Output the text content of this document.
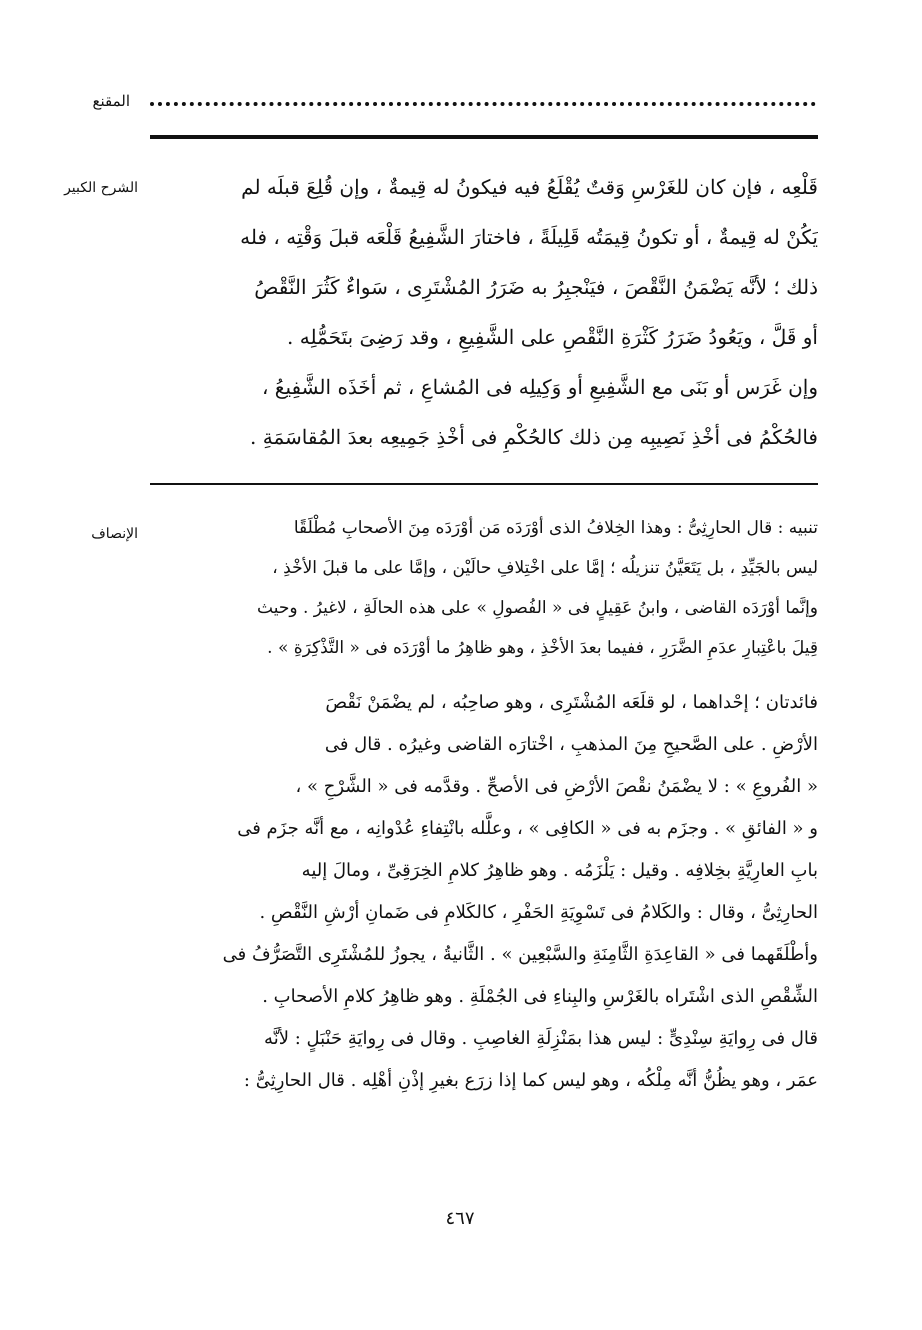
المقنع
الشرح الكبير	قَلْعِه ، فإن كان للغَرْسِ وَقتٌ يُقْلَعُ فيه فيكونُ له قِيمةٌ ، وإن قُلِعَ قبلَه لم
يَكُنْ له قِيمةٌ ، أو تكونُ قِيمَتُه قَلِيلَةً ، فاختارَ الشَّفِيعُ قَلْعَه قبلَ وَقْتِه ، فله
ذلك ؛ لأنَّه يَضْمَنُ النَّقْصَ ، فيَنْجبِرُ به ضَرَرُ المُشْتَرِى ، سَواءٌ كَثُرَ النَّقْصُ
أو قَلَّ ، ويَعُودُ ضَرَرُ كَثْرَةِ النَّقْصِ على الشَّفِيعِ ، وقد رَضِىَ بتَحَمُّلِه .
وإن غَرَس أو بَنَى مع الشَّفِيعِ أو وَكِيلِه فى المُشاعِ ، ثم أخَذَه الشَّفِيعُ ،
فالحُكْمُ فى أخْذِ نَصِيبِه مِن ذلك كالحُكْمِ فى أخْذِ جَمِيعِه بعدَ المُقاسَمَةِ .
الإنصاف	تنبيه : قال الحارِثِىُّ : وهذا الخِلافُ الذى أوْرَدَه مَن أوْرَدَه مِنَ الأصحابِ مُطْلَقًا
ليس بالجَيِّدِ ، بل يَتَعَيَّنُ تنزيلُه ؛ إمَّا على اخْتِلافِ حالَيْن ، وإمَّا على ما قبلَ الأخْذِ ،
وإنَّما أوْرَدَه القاضى ، وابنُ عَقِيلٍ فى « الفُصولِ » على هذه الحالَةِ ، لاغيرُ . وحيث
قِيلَ باعْتِبارِ عدَمِ الضَّرَرِ ، ففيما بعدَ الأخْذِ ، وهو ظاهِرُ ما أوْرَدَه فى « التَّذْكِرَةِ » .
فائدتان ؛ إحْداهما ، لو قلَعَه المُشْتَرِى ، وهو صاحِبُه ، لم يضْمَنْ نَقْصَ
الأرْضِ . على الصَّحيحِ مِنَ المذهبِ ، اخْتارَه القاضى وغيرُه . قال فى
« الفُروعِ » : لا يضْمَنُ نقْصَ الأرْضِ فى الأصحِّ . وقدَّمه فى « الشَّرْحِ » ،
و « الفائقِ » . وجزَم به فى « الكافِى » ، وعلَّله بانْتِفاءِ عُدْوانِه ، مع أنَّه جزَم فى
بابِ العارِيَّةِ بخِلافِه . وقيل : يَلْزَمُه . وهو ظاهِرُ كلامِ الخِرَقِىِّ ، ومالَ إليه
الحارِثِىُّ ، وقال : والكَلامُ فى تَسْوِيَةِ الحَفْرِ ، كالكَلامِ فى ضَمانِ أرْشِ النَّقْصِ .
وأطْلَقَهما فى « القاعِدَةِ الثَّامِنَةِ والسَّبْعِين » . الثَّانيةُ ، يجوزُ للمُشْتَرِى التَّصَرُّفُ فى
الشِّقْصِ الذى اشْتَراه بالغَرْسِ والبِناءِ فى الجُمْلَةِ . وهو ظاهِرُ كلامِ الأصحابِ .
قال فى رِوايَةِ سِنْدِىٍّ : ليس هذا بمَنْزِلَةِ الغاصِبِ . وقال فى رِوايَةِ حَنْبَلٍ : لأنَّه
عمَر ، وهو يظُنُّ أنَّه مِلْكُه ، وهو ليس كما إذا زرَع بغيرِ إذْنِ أهْلِه . قال الحارِثِىُّ :
٤٦٧
